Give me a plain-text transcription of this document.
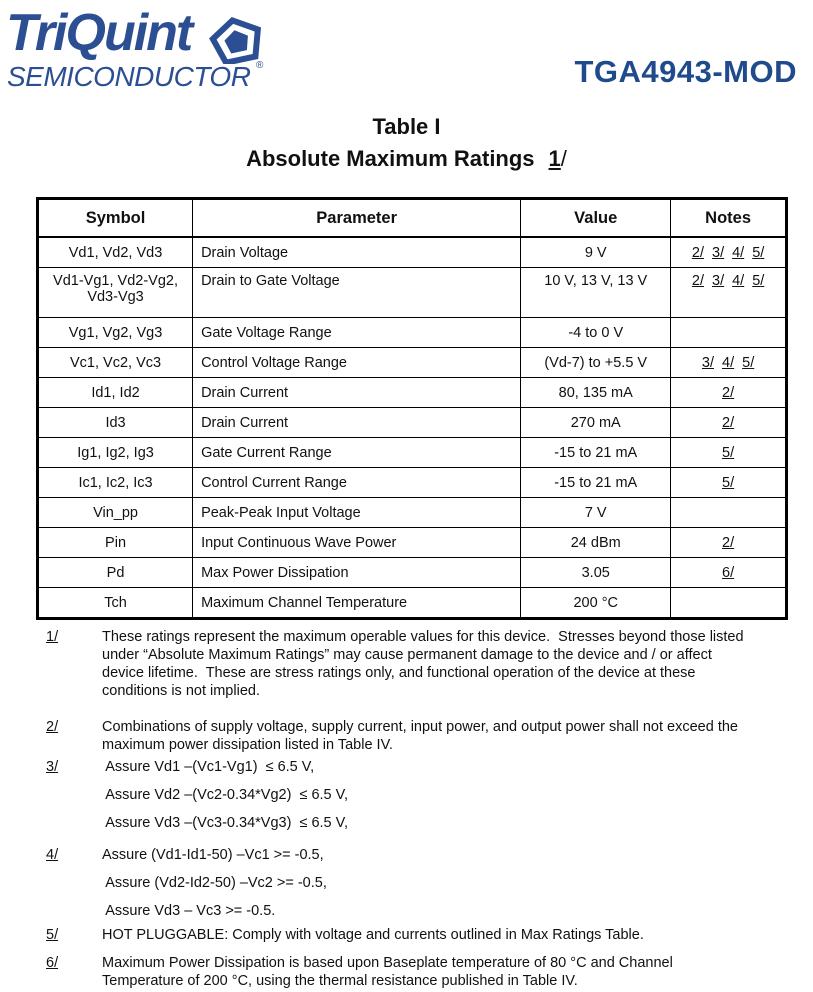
TriQuint
SEMICONDUCTOR ®	TGA4943-MOD
Table I
Absolute Maximum Ratings 1/
Symbol	Parameter	Value	Notes

Vd1, Vd2, Vd3	Drain Voltage	9 V	2/ 3/ 4/ 5/

Vd1-Vg1, Vd2-Vg2,
Vd3-Vg3	Drain to Gate Voltage	10 V, 13 V, 13 V	2/ 3/ 4/ 5/

Vg1, Vg2, Vg3	Gate Voltage Range	-4 to 0 V	

Vc1, Vc2, Vc3	Control Voltage Range	(Vd-7) to +5.5 V	3/ 4/ 5/

Id1, Id2	Drain Current	80, 135 mA	2/

Id3	Drain Current	270 mA	2/

Ig1, Ig2, Ig3	Gate Current Range	-15 to 21 mA	5/

Ic1, Ic2, Ic3	Control Current Range	-15 to 21 mA	5/

Vin_pp	Peak-Peak Input Voltage	7 V	

Pin	Input Continuous Wave Power	24 dBm	2/

Pd	Max Power Dissipation	3.05	6/

Tch	Maximum Channel Temperature	200 °C	
1/	These ratings represent the maximum operable values for this device.  Stresses beyond those listed
under “Absolute Maximum Ratings” may cause permanent damage to the device and / or affect
device lifetime.  These are stress ratings only, and functional operation of the device at these
conditions is not implied.
2/	Combinations of supply voltage, supply current, input power, and output power shall not exceed the
maximum power dissipation listed in Table IV.
3/	Assure Vd1 –(Vc1-Vg1)  ≤ 6.5 V,
Assure Vd2 –(Vc2-0.34*Vg2)  ≤ 6.5 V,
Assure Vd3 –(Vc3-0.34*Vg3)  ≤ 6.5 V,
4/	Assure (Vd1-Id1-50) –Vc1 >= -0.5,
Assure (Vd2-Id2-50) –Vc2 >= -0.5,
Assure Vd3 – Vc3 >= -0.5.
5/	HOT PLUGGABLE: Comply with voltage and currents outlined in Max Ratings Table.
6/	Maximum Power Dissipation is based upon Baseplate temperature of 80 °C and Channel
Temperature of 200 °C, using the thermal resistance published in Table IV.
